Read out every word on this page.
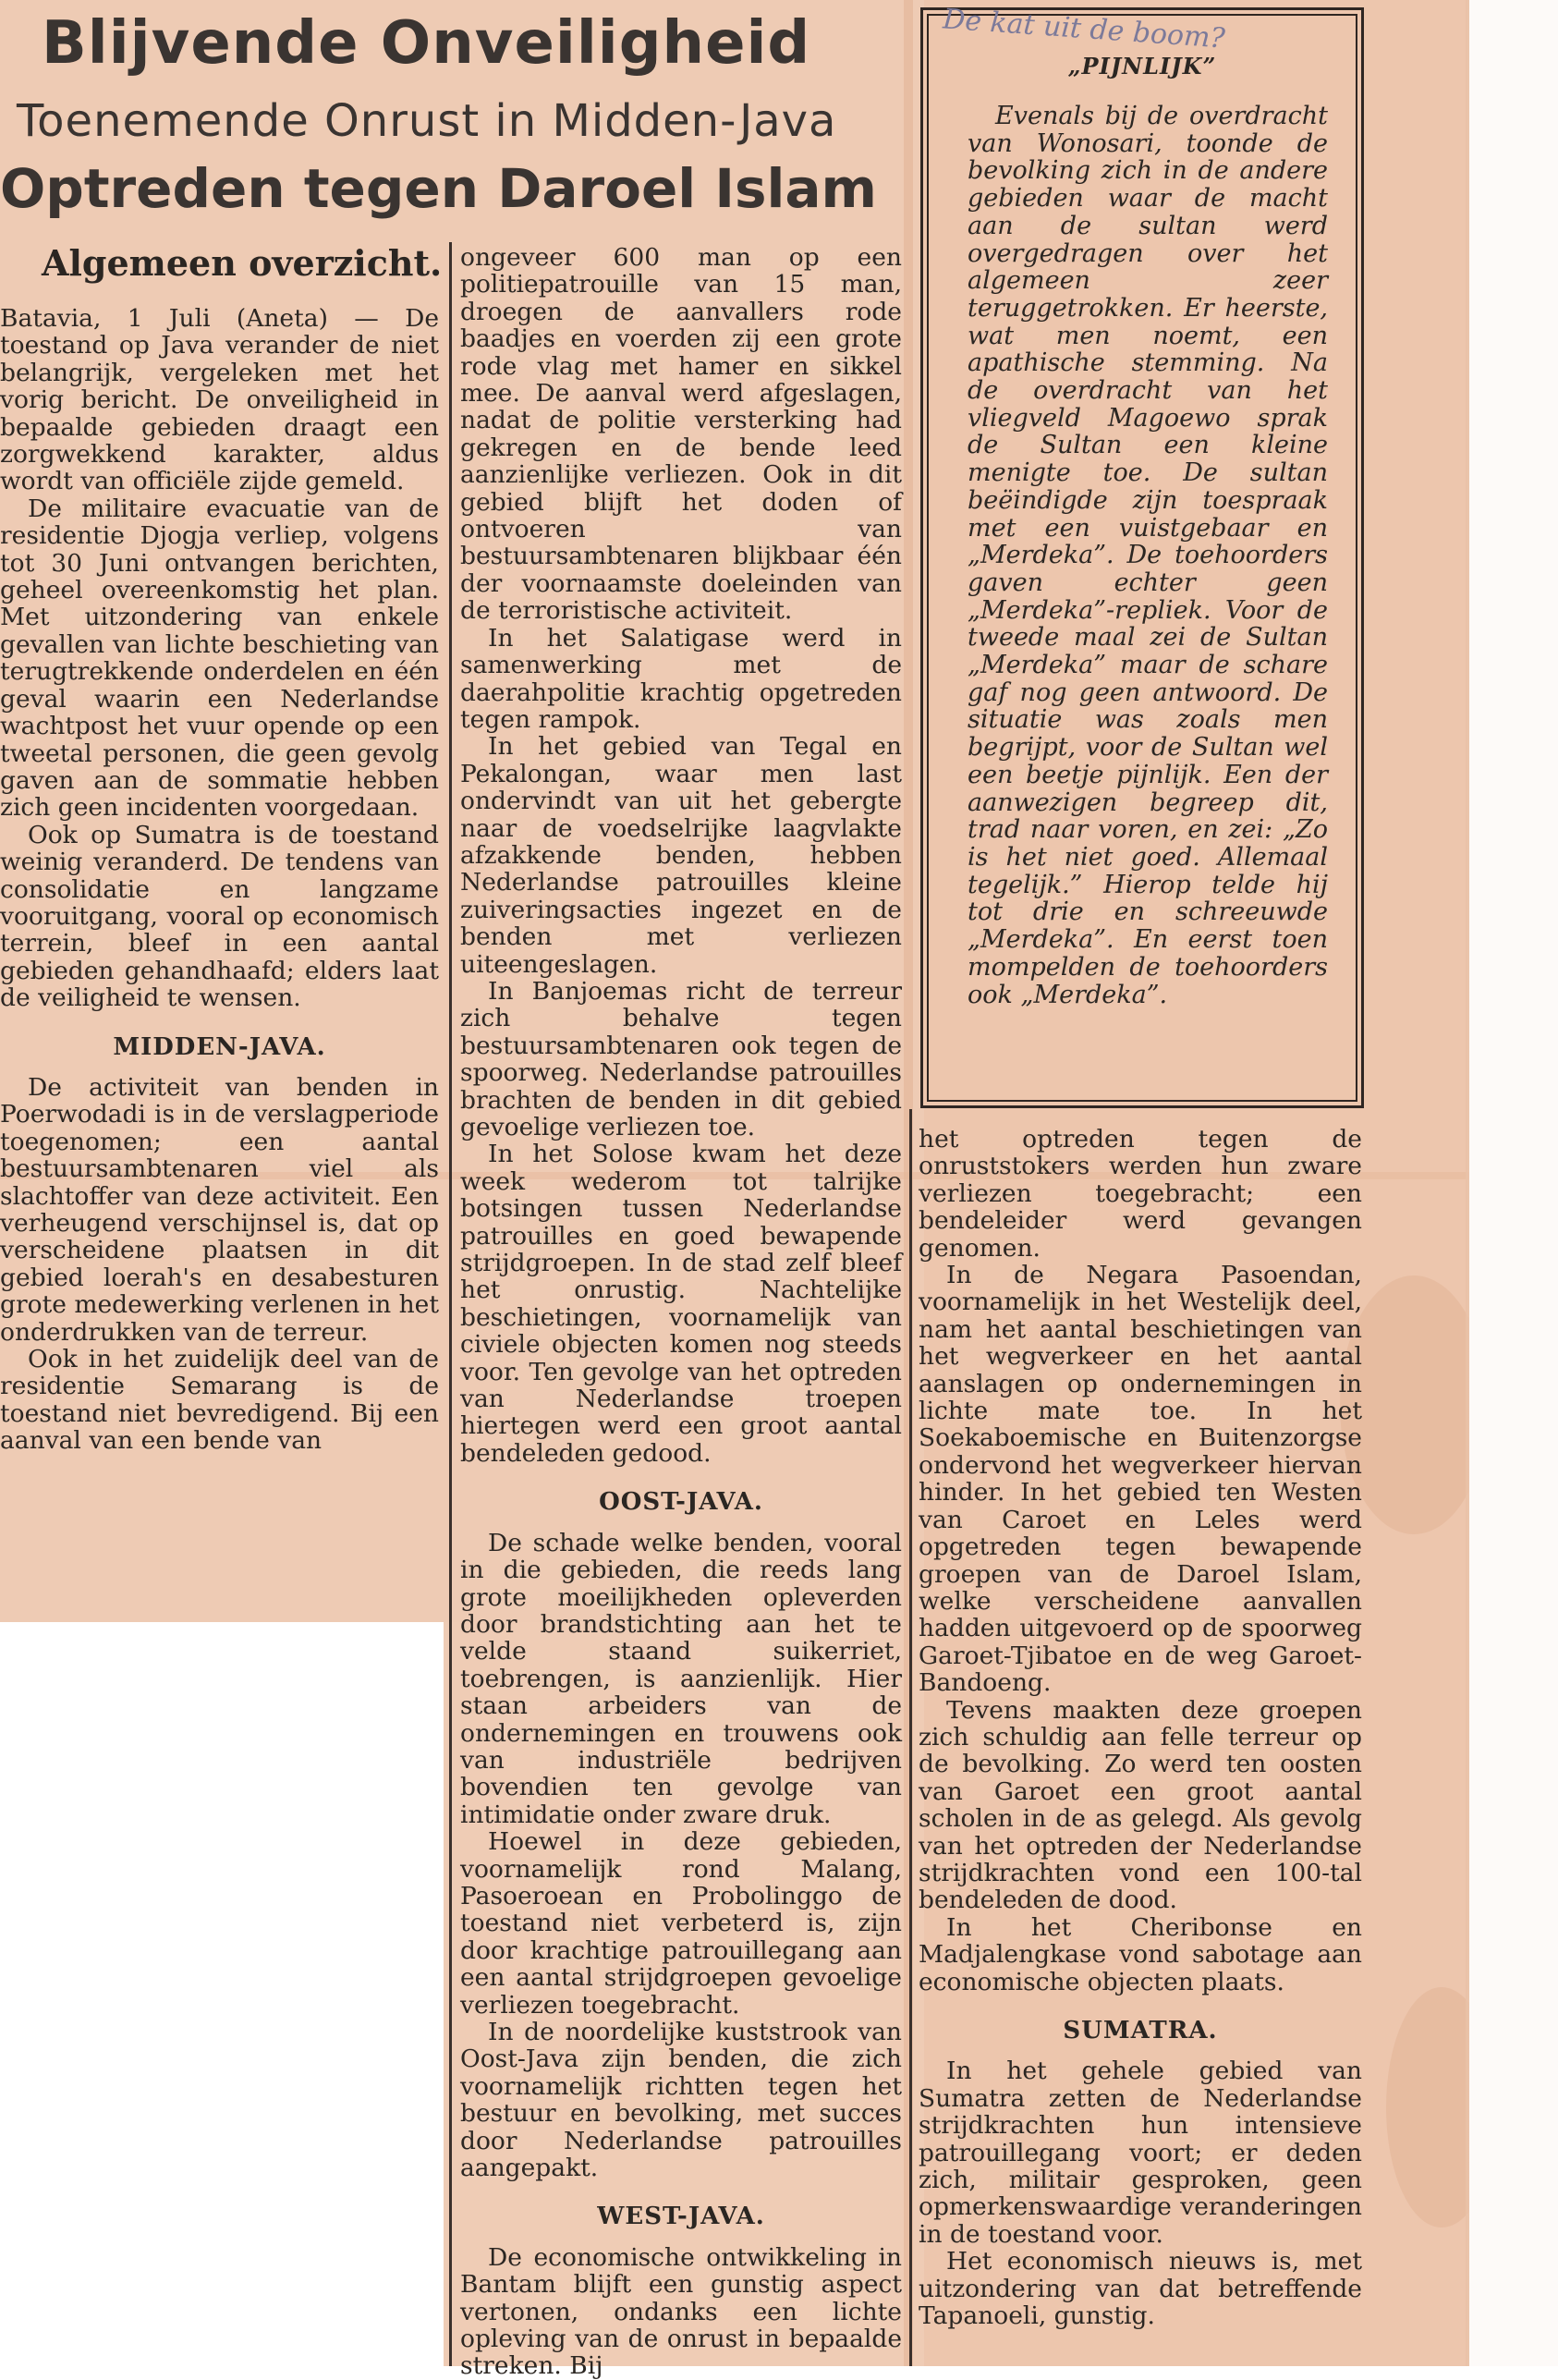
Blijvende Onveiligheid
Toenemende Onrust in Midden-Java
Optreden tegen Daroel Islam
Algemeen overzicht.

Batavia, 1 Juli (Aneta) — De toestand op Java verander de niet belangrijk, vergeleken met het vorig bericht. De onveiligheid in bepaalde gebieden draagt een zorgwekkend karakter, aldus wordt van officiële zijde gemeld.

De militaire evacuatie van de residentie Djogja verliep, volgens tot 30 Juni ontvangen berichten, geheel overeenkomstig het plan. Met uitzondering van enkele gevallen van lichte beschieting van terugtrekkende onderdelen en één geval waarin een Nederlandse wachtpost het vuur opende op een tweetal personen, die geen gevolg gaven aan de sommatie hebben zich geen incidenten voorgedaan.

Ook op Sumatra is de toestand weinig veranderd. De tendens van consolidatie en langzame vooruitgang, vooral op economisch terrein, bleef in een aantal gebieden gehandhaafd; elders laat de veiligheid te wensen.

MIDDEN-JAVA.

De activiteit van benden in Poerwodadi is in de verslagperiode toegenomen; een aantal bestuursambtenaren viel als slachtoffer van deze activiteit. Een verheugend verschijnsel is, dat op verscheidene plaatsen in dit gebied loerah's en desabesturen grote medewerking verlenen in het onderdrukken van de terreur.

Ook in het zuidelijk deel van de residentie Semarang is de toestand niet bevredigend. Bij een aanval van een bende van

ongeveer 600 man op een politiepatrouille van 15 man, droegen de aanvallers rode baadjes en voerden zij een grote rode vlag met hamer en sikkel mee. De aanval werd afgeslagen, nadat de politie versterking had gekregen en de bende leed aanzienlijke verliezen. Ook in dit gebied blijft het doden of ontvoeren van bestuursambtenaren blijkbaar één der voornaamste doeleinden van de terroristische activiteit.

In het Salatigase werd in samenwerking met de daerahpolitie krachtig opgetreden tegen rampok.

In het gebied van Tegal en Pekalongan, waar men last ondervindt van uit het gebergte naar de voedselrijke laagvlakte afzakkende benden, hebben Nederlandse patrouilles kleine zuiveringsacties ingezet en de benden met verliezen uiteengeslagen.

In Banjoemas richt de terreur zich behalve tegen bestuursambtenaren ook tegen de spoorweg. Nederlandse patrouilles brachten de benden in dit gebied gevoelige verliezen toe.

In het Solose kwam het deze week wederom tot talrijke botsingen tussen Nederlandse patrouilles en goed bewapende strijdgroepen. In de stad zelf bleef het onrustig. Nachtelijke beschietingen, voornamelijk van civiele objecten komen nog steeds voor. Ten gevolge van het optreden van Nederlandse troepen hiertegen werd een groot aantal bendeleden gedood.

OOST-JAVA.

De schade welke benden, vooral in die gebieden, die reeds lang grote moeilijkheden opleverden door brandstichting aan het te velde staand suikerriet, toebrengen, is aanzienlijk. Hier staan arbeiders van de ondernemingen en trouwens ook van industriële bedrijven bovendien ten gevolge van intimidatie onder zware druk.

Hoewel in deze gebieden, voornamelijk rond Malang, Pasoeroean en Probolinggo de toestand niet verbeterd is, zijn door krachtige patrouillegang aan een aantal strijdgroepen gevoelige verliezen toegebracht.

In de noordelijke kuststrook van Oost-Java zijn benden, die zich voornamelijk richtten tegen het bestuur en bevolking, met succes door Nederlandse patrouilles aangepakt.

WEST-JAVA.

De economische ontwikkeling in Bantam blijft een gunstig aspect vertonen, ondanks een lichte opleving van de onrust in bepaalde streken. Bij

„PIJNLIJK”

Evenals bij de overdracht van Wonosari, toonde de bevolking zich in de andere gebieden waar de macht aan de sultan werd overgedragen over het algemeen zeer teruggetrokken. Er heerste, wat men noemt, een apathische stemming. Na de overdracht van het vliegveld Magoewo sprak de Sultan een kleine menigte toe. De sultan beëindigde zijn toespraak met een vuistgebaar en „Merdeka”. De toehoorders gaven echter geen „Merdeka”-repliek. Voor de tweede maal zei de Sultan „Merdeka” maar de schare gaf nog geen antwoord. De situatie was zoals men begrijpt, voor de Sultan wel een beetje pijnlijk. Een der aanwezigen begreep dit, trad naar voren, en zei: „Zo is het niet goed. Allemaal tegelijk.” Hierop telde hij tot drie en schreeuwde „Merdeka”. En eerst toen mompelden de toehoorders ook „Merdeka”.

De kat uit de boom?

het optreden tegen de onruststokers werden hun zware verliezen toegebracht; een bendeleider werd gevangen genomen.

In de Negara Pasoendan, voornamelijk in het Westelijk deel, nam het aantal beschietingen van het wegverkeer en het aantal aanslagen op ondernemingen in lichte mate toe. In het Soekaboemische en Buitenzorgse ondervond het wegverkeer hiervan hinder. In het gebied ten Westen van Caroet en Leles werd opgetreden tegen bewapende groepen van de Daroel Islam, welke verscheidene aanvallen hadden uitgevoerd op de spoorweg Garoet-Tjibatoe en de weg Garoet-Bandoeng.

Tevens maakten deze groepen zich schuldig aan felle terreur op de bevolking. Zo werd ten oosten van Garoet een groot aantal scholen in de as gelegd. Als gevolg van het optreden der Nederlandse strijdkrachten vond een 100-tal bendeleden de dood.

In het Cheribonse en Madjalengkase vond sabotage aan economische objecten plaats.

SUMATRA.

In het gehele gebied van Sumatra zetten de Nederlandse strijdkrachten hun intensieve patrouillegang voort; er deden zich, militair gesproken, geen opmerkenswaardige veranderingen in de toestand voor.

Het economisch nieuws is, met uitzondering van dat betreffende Tapanoeli, gunstig.
